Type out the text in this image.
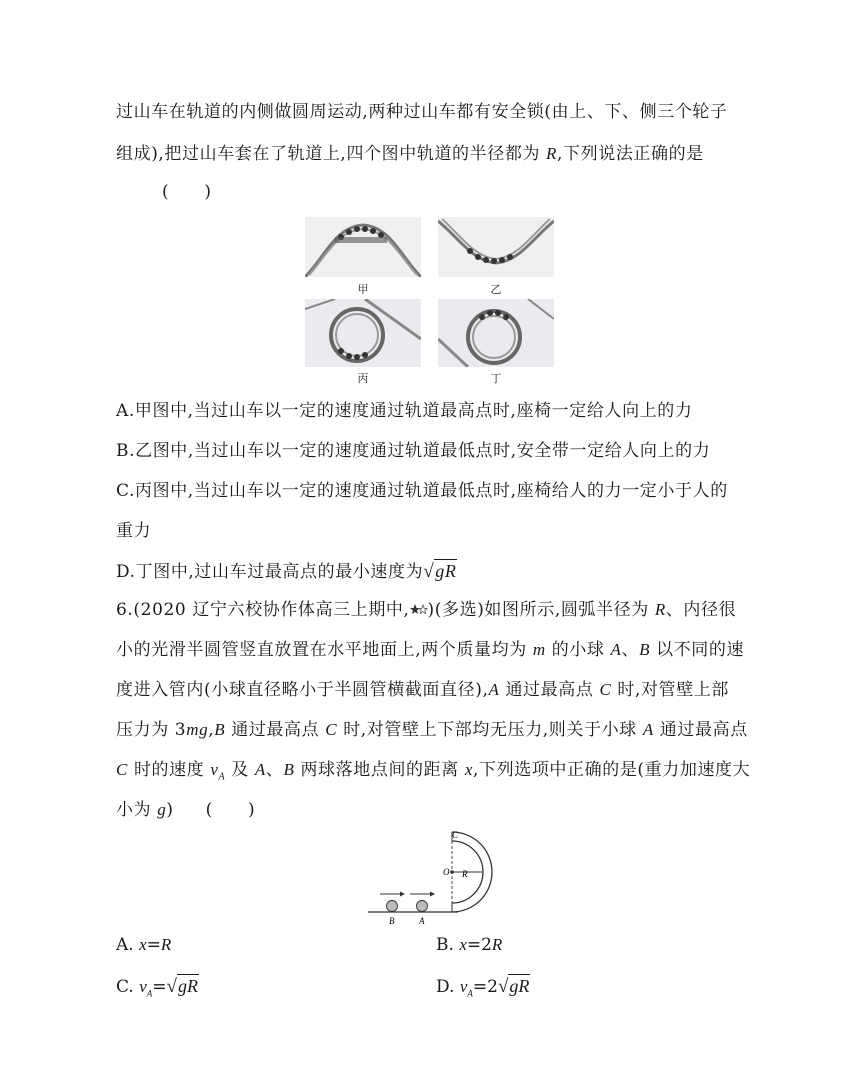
过山车在轨道的内侧做圆周运动,两种过山车都有安全锁(由上、下、侧三个轮子
组成),把过山车套在了轨道上,四个图中轨道的半径都为 R,下列说法正确的是
(　　)
甲	乙
丙	丁
A.甲图中,当过山车以一定的速度通过轨道最高点时,座椅一定给人向上的力
B.乙图中,当过山车以一定的速度通过轨道最低点时,安全带一定给人向上的力
C.丙图中,当过山车以一定的速度通过轨道最低点时,座椅给人的力一定小于人的
重力
D.丁图中,过山车过最高点的最小速度为√gR
6.(2020 辽宁六校协作体高三上期中, )(多选)如图所示,圆弧半径为 R、内径很
小的光滑半圆管竖直放置在水平地面上,两个质量均为 m 的小球 A、B 以不同的速
度进入管内(小球直径略小于半圆管横截面直径),A 通过最高点 C 时,对管壁上部
压力为 3mg,B 通过最高点 C 时,对管壁上下部均无压力,则关于小球 A 通过最高点
C 时的速度 $v_A$ 及 A、B 两球落地点间的距离 x,下列选项中正确的是(重力加速度大
小为 g) (　　)
O R
C
B	A
A. x=R	B. x=2R
C. $v_A=√gR$	D. $v_A=2√gR$
